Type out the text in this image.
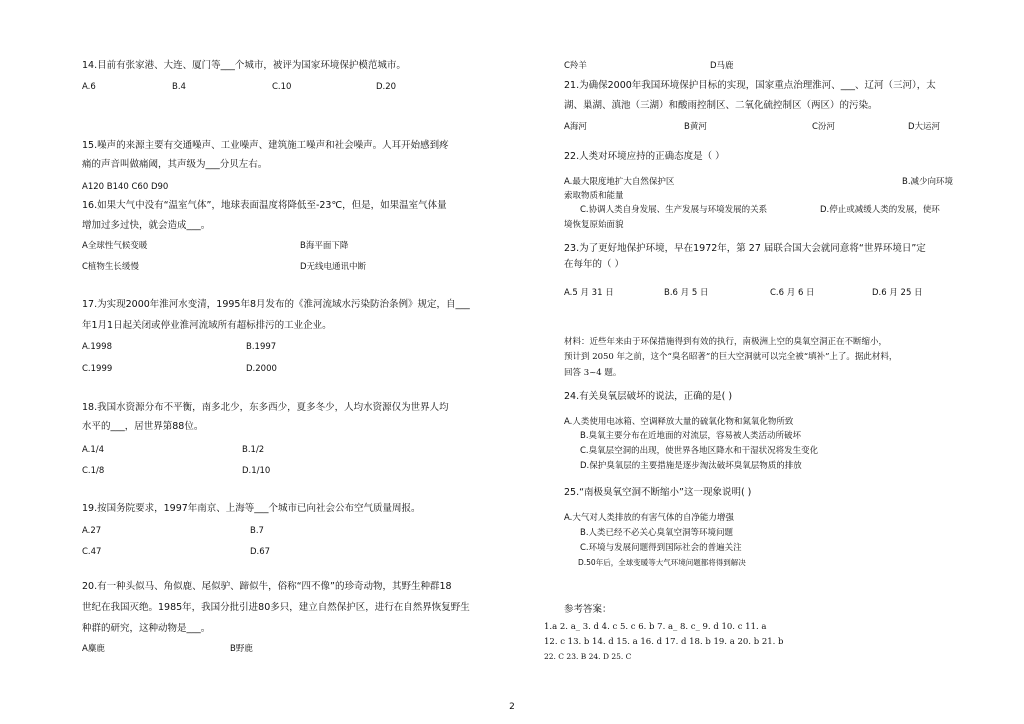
14.目前有张家港、大连、厦门等___个城市，被评为国家环境保护模范城市。
A.6	B.4	C.10	D.20
15.噪声的来源主要有交通噪声、工业噪声、建筑施工噪声和社会噪声。人耳开始感到疼
痛的声音叫做痛阈，其声级为___分贝左右。
A120 B140 C60 D90
16.如果大气中没有“温室气体”，地球表面温度将降低至-23℃，但是，如果温室气体量
增加过多过快，就会造成___。
A全球性气候变暖	B海平面下降
C植物生长缓慢	D无线电通讯中断
17.为实现2000年淮河水变清，1995年8月发布的《淮河流域水污染防治条例》规定，自___
年1月1日起关闭或停业淮河流域所有超标排污的工业企业。
A.1998	B.1997
C.1999	D.2000
18.我国水资源分布不平衡，南多北少，东多西少，夏多冬少，人均水资源仅为世界人均
水平的___，居世界第88位。
A.1/4	B.1/2
C.1/8	D.1/10
19.按国务院要求，1997年南京、上海等___个城市已向社会公布空气质量周报。
A.27	B.7
C.47	D.67
20.有一种头似马、角似鹿、尾似驴、蹄似牛，俗称“四不像”的珍奇动物，其野生种群18
世纪在我国灭绝。1985年，我国分批引进80多只，建立自然保护区，进行在自然界恢复野生
种群的研究，这种动物是___。
A麋鹿	B野鹿
C羚羊	D马鹿
21.为确保2000年我国环境保护目标的实现，国家重点治理淮河、___、辽河（三河），太
湖、巢湖、滇池（三湖）和酸雨控制区、二氧化硫控制区（两区）的污染。
A海河	B黄河	C汾河	D大运河
22.人类对环境应持的正确态度是（ ）
A.最大限度地扩大自然保护区	B.减少向环境
索取物质和能量
C.协调人类自身发展、生产发展与环境发展的关系	D.停止或减缓人类的发展，使环
境恢复原始面貌
23.为了更好地保护环境，早在1972年，第 27 届联合国大会就同意将“世界环境日”定
在每年的（ ）
A.5 月 31 日	B.6 月 5 日	C.6 月 6 日	D.6 月 25 日
材料：近些年来由于环保措施得到有效的执行，南极洲上空的臭氧空洞正在不断缩小，
预计到 2050 年之前，这个“臭名昭著”的巨大空洞就可以完全被“填补”上了。据此材料，
回答 3~4 题。
24.有关臭氧层破坏的说法，正确的是( )
A.人类使用电冰箱、空调释放大量的硫氧化物和氮氧化物所致
B.臭氧主要分布在近地面的对流层，容易被人类活动所破坏
C.臭氧层空洞的出现，使世界各地区降水和干湿状况将发生变化
D.保护臭氧层的主要措施是逐步淘汰破坏臭氧层物质的排放
25.“南极臭氧空洞不断缩小”这一现象说明( )
A.大气对人类排放的有害气体的自净能力增强
B.人类已经不必关心臭氧空洞等环境问题
C.环境与发展问题得到国际社会的普遍关注
D.50年后，全球变暖等大气环境问题都将得到解决
参考答案：
1.a 2. a_ 3. d 4. c 5. c 6. b 7. a_ 8. c_ 9. d 10. c 11. a
12. c 13. b 14. d 15. a 16. d 17. d 18. b 19. a 20. b 21. b
22. C 23. B 24. D 25. C
2
